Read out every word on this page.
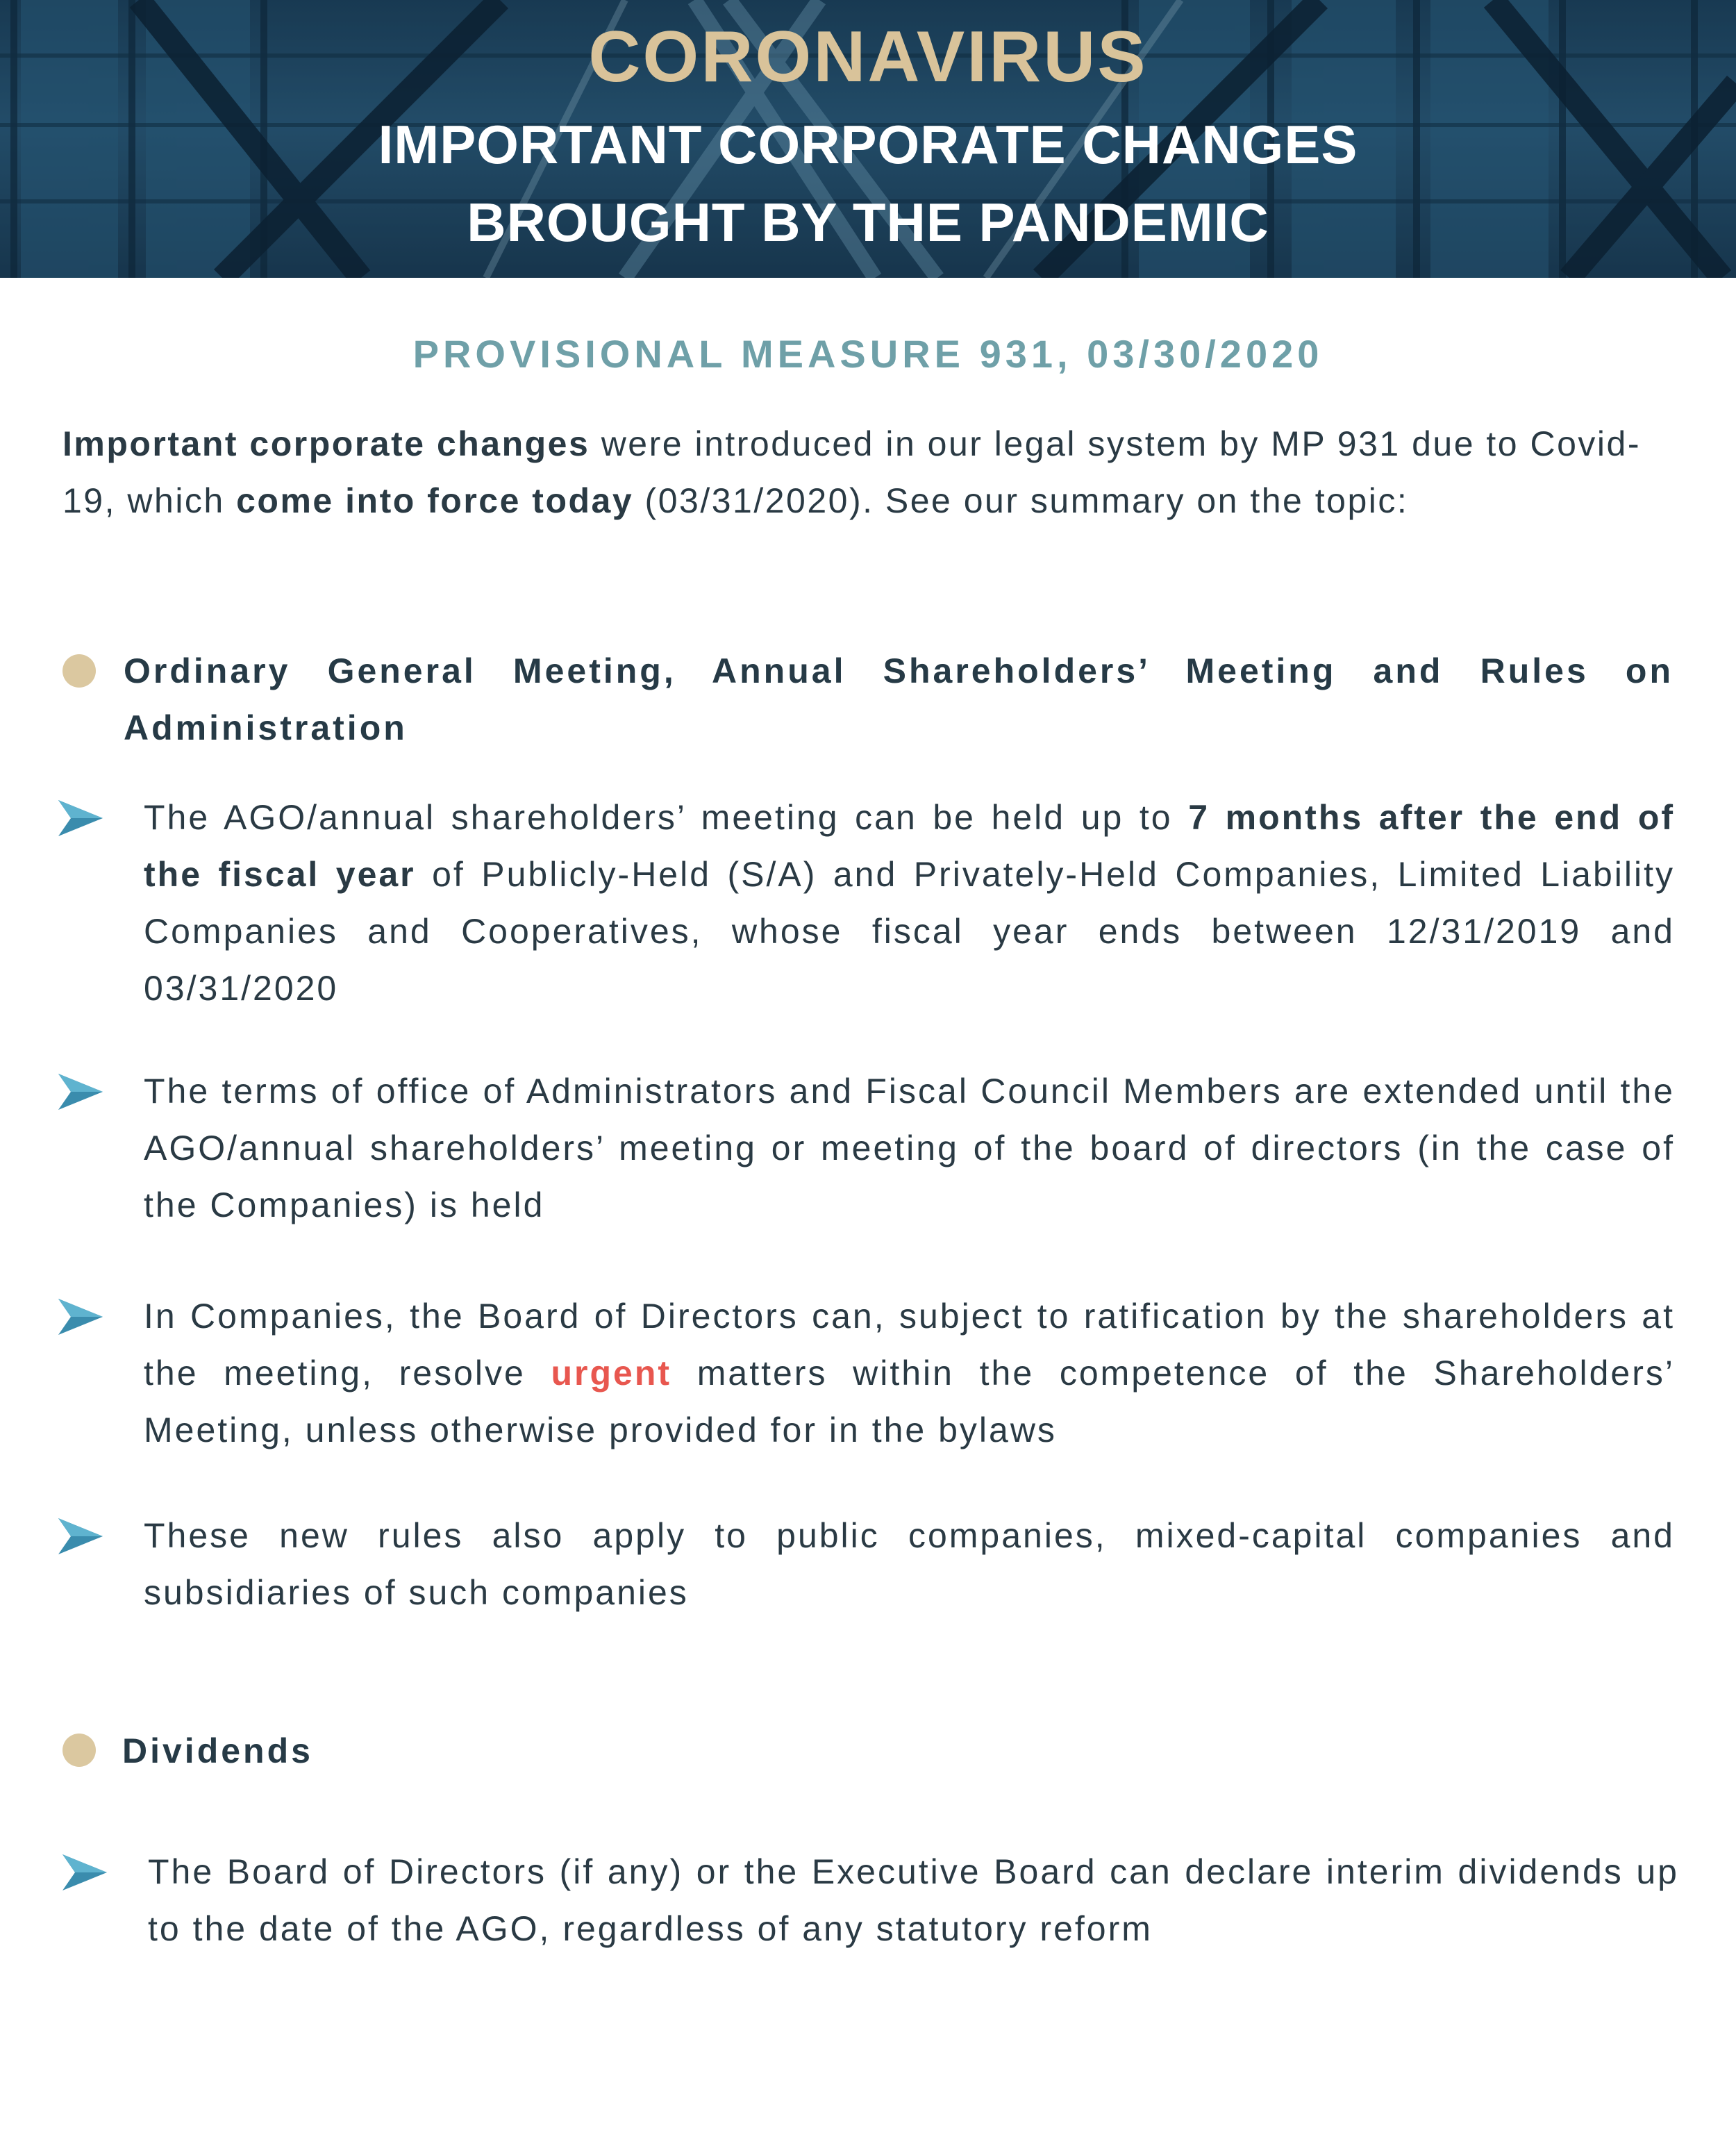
CORONAVIRUS
IMPORTANT CORPORATE CHANGES
BROUGHT BY THE PANDEMIC
PROVISIONAL MEASURE 931, 03/30/2020

Important corporate changes were introduced in our legal system by MP 931 due to Covid-19, which come into force today (03/31/2020). See our summary on the topic:

Ordinary General Meeting, Annual Shareholders’ Meeting and Rules on Administration

The AGO/annual shareholders’ meeting can be held up to 7 months after the end of the fiscal year of Publicly-Held (S/A) and Privately-Held Companies, Limited Liability Companies and Cooperatives, whose fiscal year ends between 12/31/2019 and 03/31/2020

The terms of office of Administrators and Fiscal Council Members are extended until the AGO/annual shareholders’ meeting or meeting of the board of directors (in the case of the Companies) is held

In Companies, the Board of Directors can, subject to ratification by the shareholders at the meeting, resolve urgent matters within the competence of the Shareholders’ Meeting, unless otherwise provided for in the bylaws

These new rules also apply to public companies, mixed-capital companies and subsidiaries of such companies

Dividends

The Board of Directors (if any) or the Executive Board can declare interim dividends up to the date of the AGO, regardless of any statutory reform
